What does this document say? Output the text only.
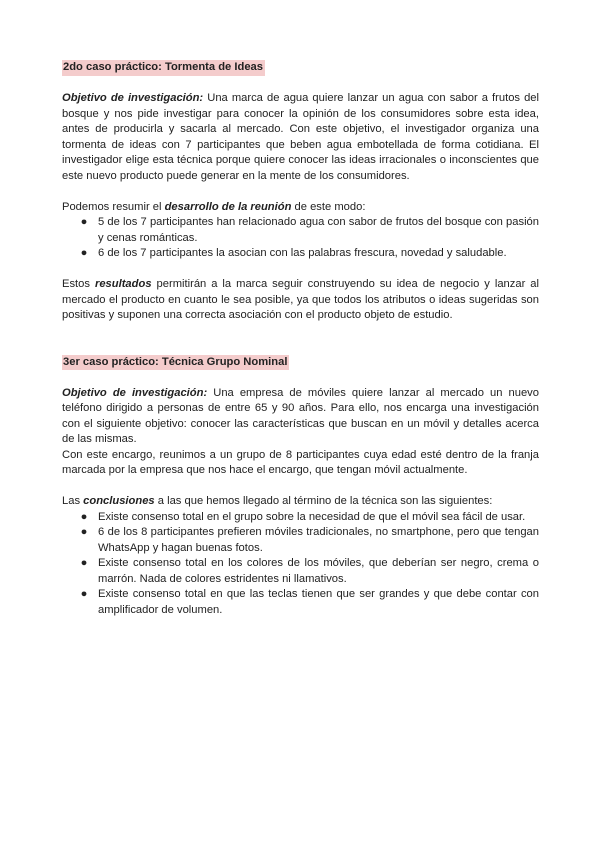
2do caso práctico: Tormenta de Ideas

Objetivo de investigación: Una marca de agua quiere lanzar un agua con sabor a frutos del bosque y nos pide investigar para conocer la opinión de los consumidores sobre esta idea, antes de producirla y sacarla al mercado. Con este objetivo, el investigador organiza una tormenta de ideas con 7 participantes que beben agua embotellada de forma cotidiana. El investigador elige esta técnica porque quiere conocer las ideas irracionales o inconscientes que este nuevo producto puede generar en la mente de los consumidores.

Podemos resumir el desarrollo de la reunión de este modo:

● 5 de los 7 participantes han relacionado agua con sabor de frutos del bosque con pasión y cenas románticas.
● 6 de los 7 participantes la asocian con las palabras frescura, novedad y saludable.

Estos resultados permitirán a la marca seguir construyendo su idea de negocio y lanzar al mercado el producto en cuanto le sea posible, ya que todos los atributos o ideas sugeridas son positivas y suponen una correcta asociación con el producto objeto de estudio.

3er caso práctico: Técnica Grupo Nominal

Objetivo de investigación: Una empresa de móviles quiere lanzar al mercado un nuevo teléfono dirigido a personas de entre 65 y 90 años. Para ello, nos encarga una investigación con el siguiente objetivo: conocer las características que buscan en un móvil y detalles acerca de las mismas.

Con este encargo, reunimos a un grupo de 8 participantes cuya edad esté dentro de la franja marcada por la empresa que nos hace el encargo, que tengan móvil actualmente.

Las conclusiones a las que hemos llegado al término de la técnica son las siguientes:

● Existe consenso total en el grupo sobre la necesidad de que el móvil sea fácil de usar.
● 6 de los 8 participantes prefieren móviles tradicionales, no smartphone, pero que tengan WhatsApp y hagan buenas fotos.
● Existe consenso total en los colores de los móviles, que deberían ser negro, crema o marrón. Nada de colores estridentes ni llamativos.
● Existe consenso total en que las teclas tienen que ser grandes y que debe contar con amplificador de volumen.
